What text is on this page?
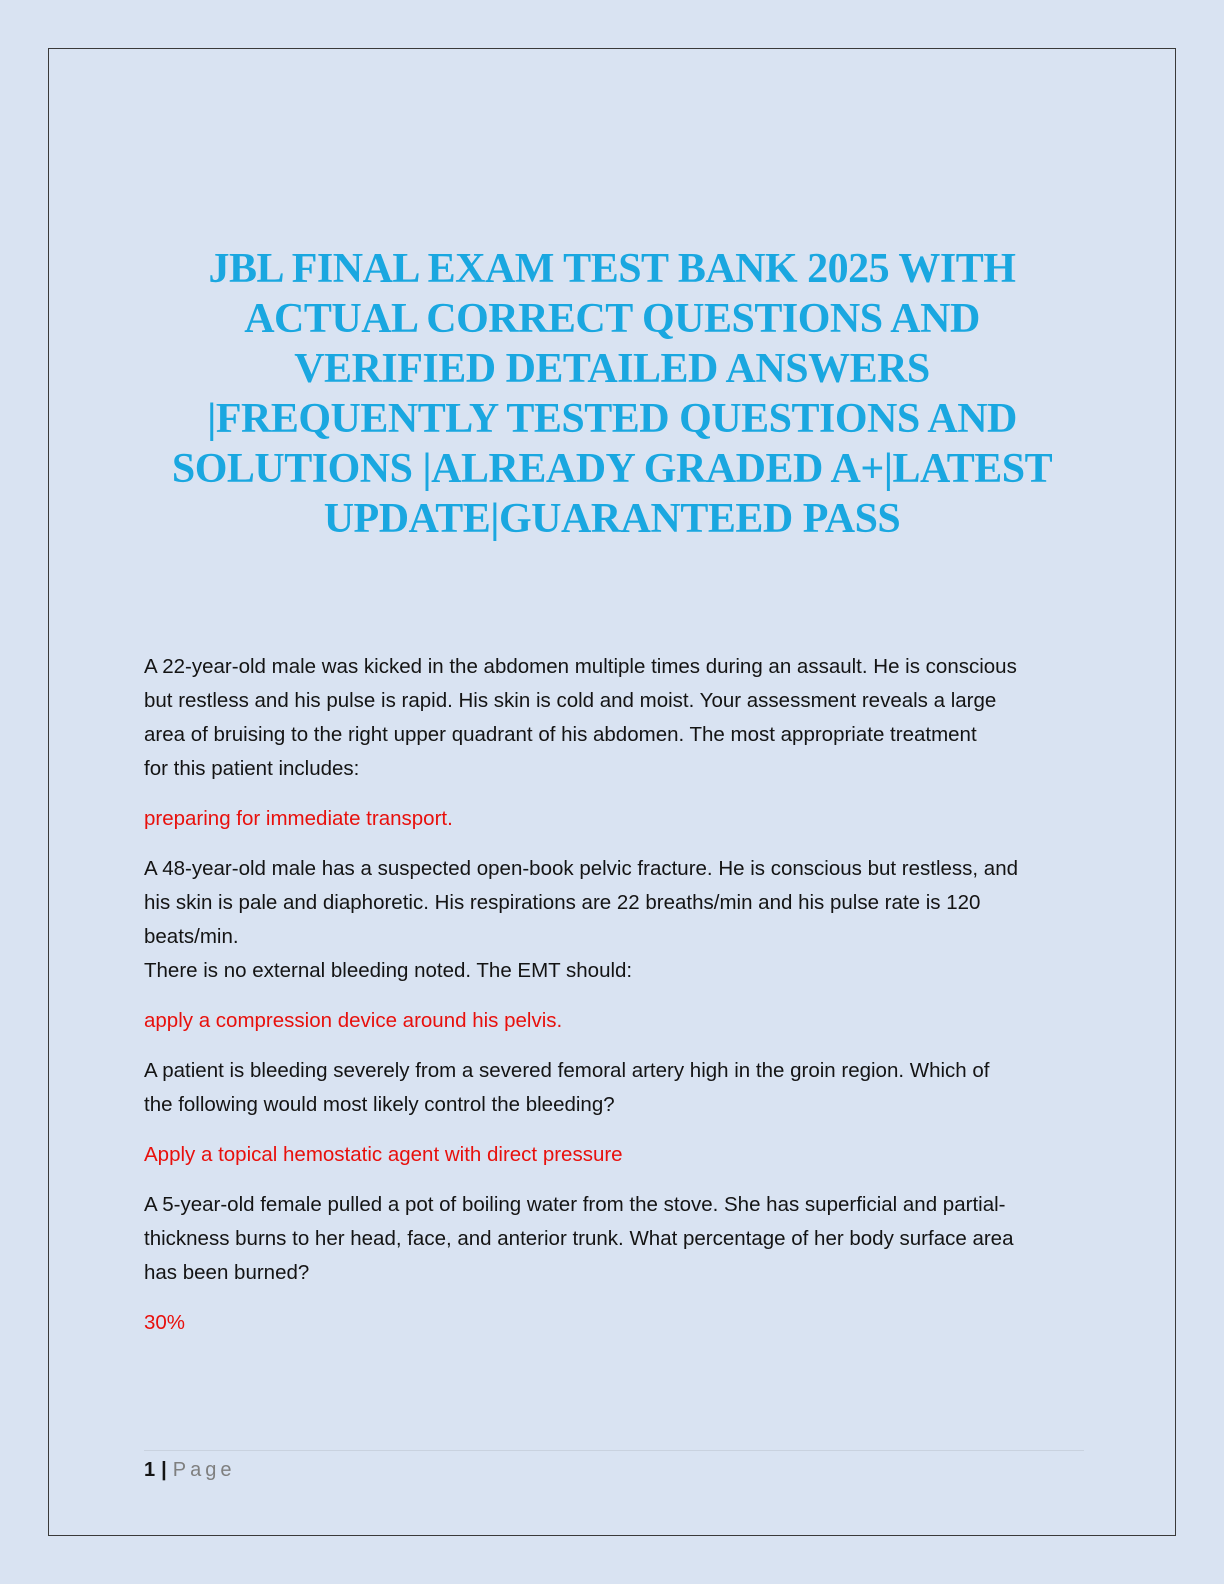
JBL FINAL EXAM TEST BANK 2025 WITH
ACTUAL CORRECT QUESTIONS AND
VERIFIED DETAILED ANSWERS
|FREQUENTLY TESTED QUESTIONS AND
SOLUTIONS |ALREADY GRADED A+|LATEST
UPDATE|GUARANTEED PASS
A 22-year-old male was kicked in the abdomen multiple times during an assault. He is conscious
but restless and his pulse is rapid. His skin is cold and moist. Your assessment reveals a large
area of bruising to the right upper quadrant of his abdomen. The most appropriate treatment
for this patient includes:
preparing for immediate transport.
A 48-year-old male has a suspected open-book pelvic fracture. He is conscious but restless, and
his skin is pale and diaphoretic. His respirations are 22 breaths/min and his pulse rate is 120
beats/min.
There is no external bleeding noted. The EMT should:
apply a compression device around his pelvis.
A patient is bleeding severely from a severed femoral artery high in the groin region. Which of
the following would most likely control the bleeding?
Apply a topical hemostatic agent with direct pressure
A 5-year-old female pulled a pot of boiling water from the stove. She has superficial and partial-
thickness burns to her head, face, and anterior trunk. What percentage of her body surface area
has been burned?
30%
1 | Page
